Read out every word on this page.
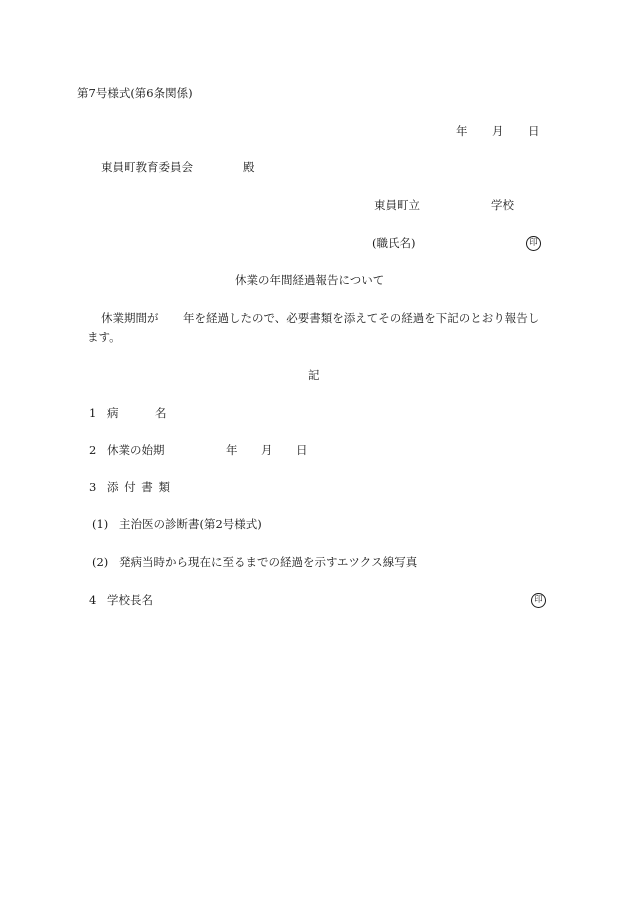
第7号様式(第6条関係)
年 月 日
東員町教育委員会	殿
東員町立	学校
(職氏名)	印
休業の年間経過報告について
休業期間が 年を経過したので、必要書類を添えてその経過を下記のとおり報告し
ます。
記
1 病	名
2 休業の始期	年 月 日
3 添 付 書 類
(1) 主治医の診断書(第2号様式)
(2) 発病当時から現在に至るまでの経過を示すエツクス線写真
4 学校長名	印
